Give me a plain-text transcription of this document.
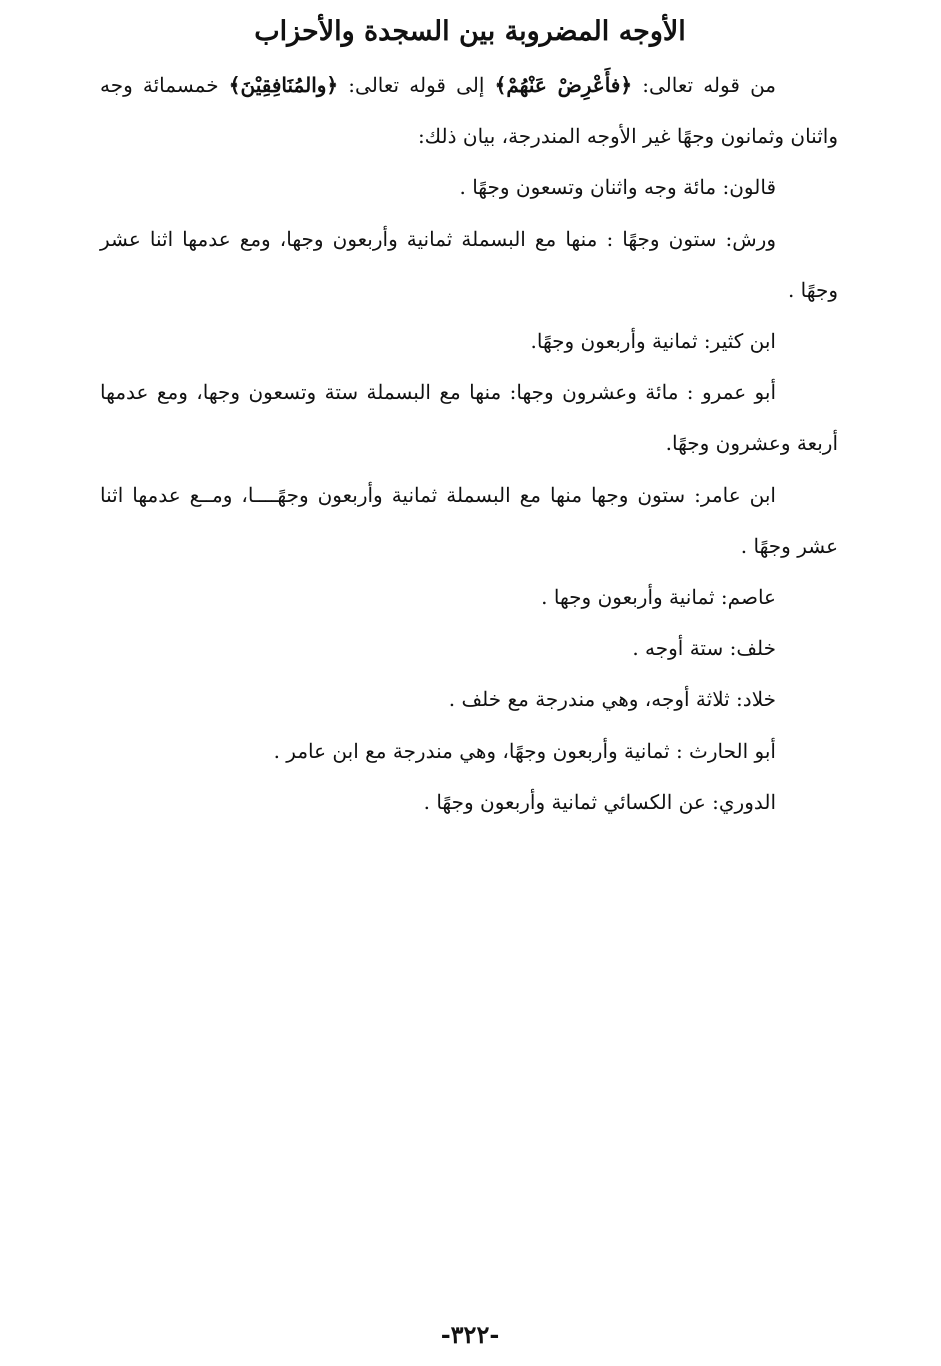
الأوجه المضروبة بين السجدة والأحزاب

من قوله تعالى: ﴿فأَعْرِضْ عَنْهُمْ﴾ إلى قوله تعالى: ﴿والمُنَافِقِيْنَ﴾ خمسمائة وجه واثنان وثمانون وجهًا غير الأوجه المندرجة، بيان ذلك:

قالون: مائة وجه واثنان وتسعون وجهًا .

ورش: ستون وجهًا : منها مع البسملة ثمانية وأربعون وجها، ومع عدمها اثنا عشر وجهًا .

ابن كثير: ثمانية وأربعون وجهًا.

أبو عمرو : مائة وعشرون وجها: منها مع البسملة ستة وتسعون وجها، ومع عدمها أربعة وعشرون وجهًا.

ابن عامر: ستون وجها منها مع البسملة ثمانية وأربعون وجهًــــا، ومــع عدمها اثنا عشر وجهًا .

عاصم: ثمانية وأربعون وجها .

خلف: ستة أوجه .

خلاد: ثلاثة أوجه، وهي مندرجة مع خلف .

أبو الحارث : ثمانية وأربعون وجهًا، وهي مندرجة مع ابن عامر .

الدوري: عن الكسائي ثمانية وأربعون وجهًا .

-٣٢٢-
